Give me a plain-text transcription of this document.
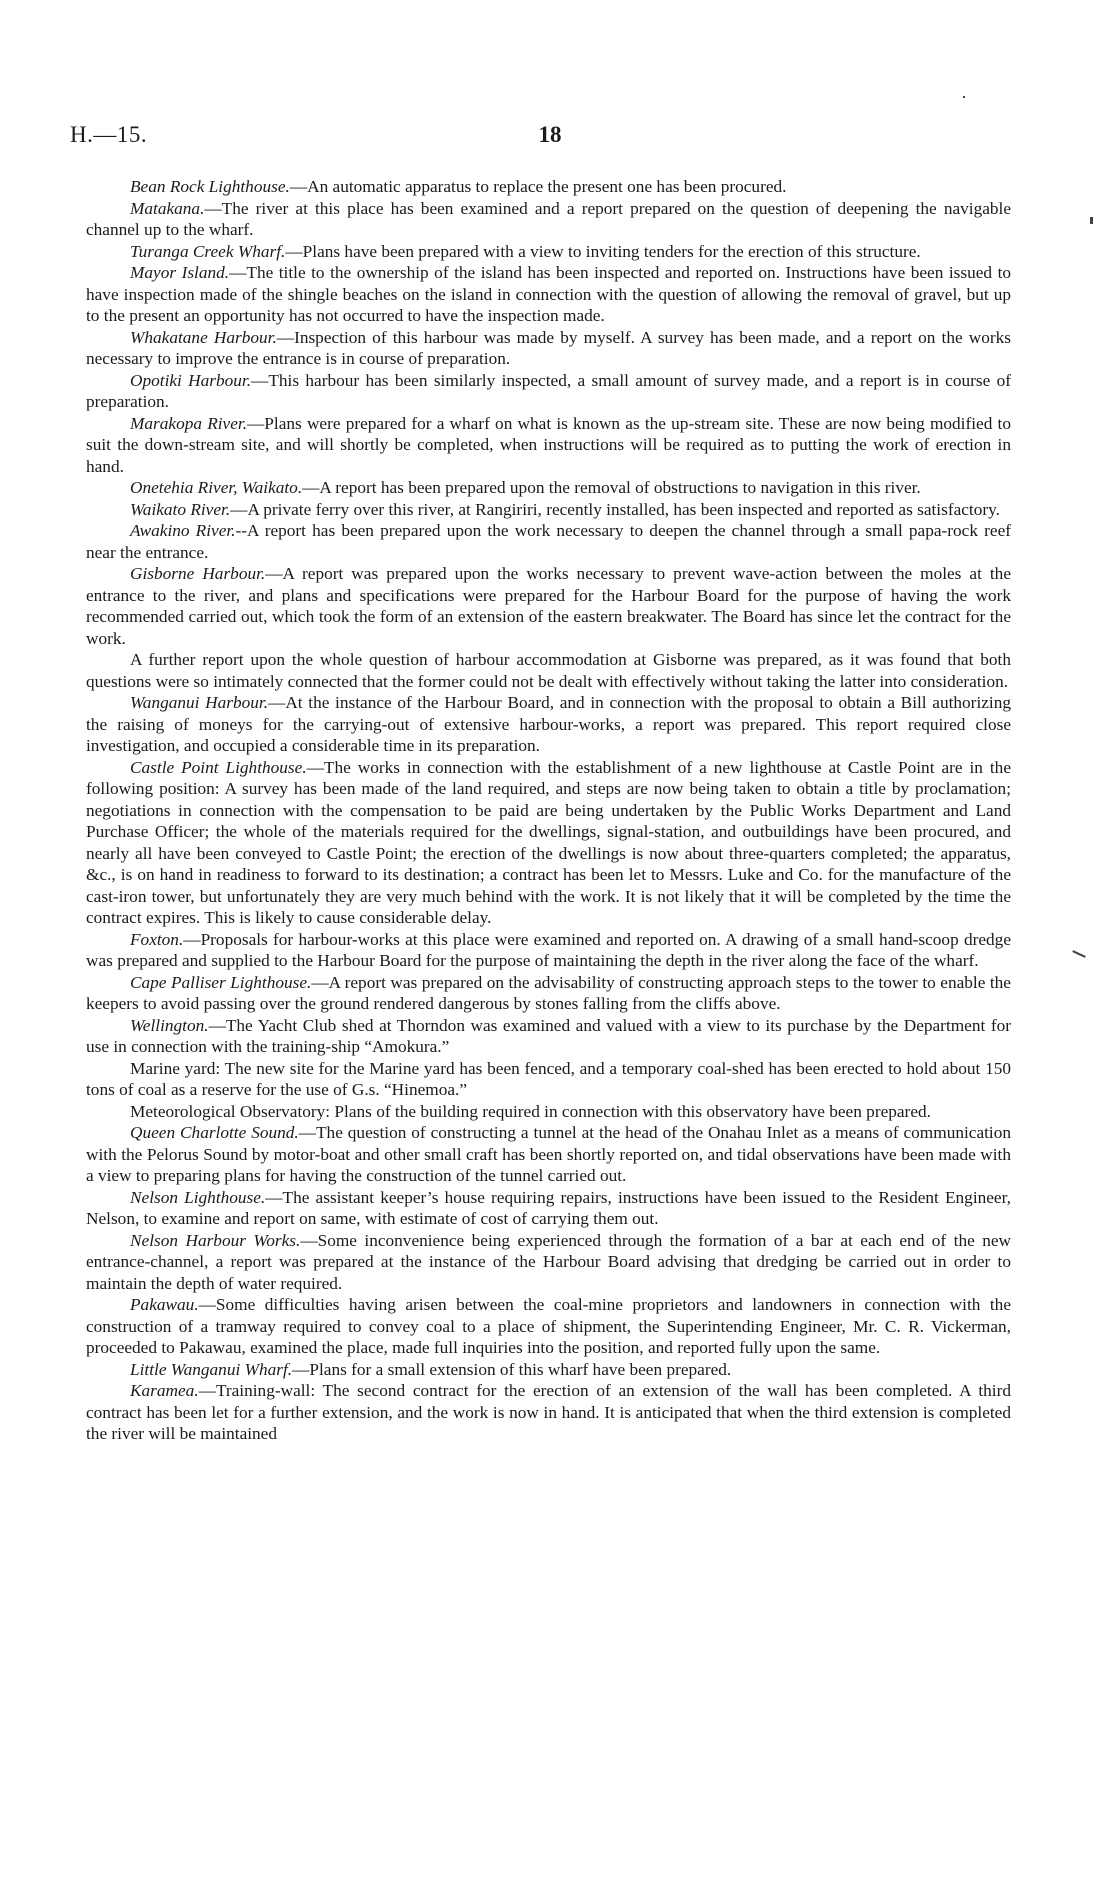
H.—15.	18

Bean Rock Lighthouse.—An automatic apparatus to replace the present one has been procured.

Matakana.—The river at this place has been examined and a report prepared on the question of deepening the navigable channel up to the wharf.

Turanga Creek Wharf.—Plans have been prepared with a view to inviting tenders for the erection of this structure.

Mayor Island.—The title to the ownership of the island has been inspected and reported on. Instructions have been issued to have inspection made of the shingle beaches on the island in connection with the question of allowing the removal of gravel, but up to the present an opportunity has not occurred to have the inspection made.

Whakatane Harbour.—Inspection of this harbour was made by myself. A survey has been made, and a report on the works necessary to improve the entrance is in course of preparation.

Opotiki Harbour.—This harbour has been similarly inspected, a small amount of survey made, and a report is in course of preparation.

Marakopa River.—Plans were prepared for a wharf on what is known as the up-stream site. These are now being modified to suit the down-stream site, and will shortly be completed, when instructions will be required as to putting the work of erection in hand.

Onetehia River, Waikato.—A report has been prepared upon the removal of obstructions to navigation in this river.

Waikato River.—A private ferry over this river, at Rangiriri, recently installed, has been inspected and reported as satisfactory.

Awakino River.--A report has been prepared upon the work necessary to deepen the channel through a small papa-rock reef near the entrance.

Gisborne Harbour.—A report was prepared upon the works necessary to prevent wave-action between the moles at the entrance to the river, and plans and specifications were prepared for the Harbour Board for the purpose of having the work recommended carried out, which took the form of an extension of the eastern breakwater. The Board has since let the contract for the work.

A further report upon the whole question of harbour accommodation at Gisborne was prepared, as it was found that both questions were so intimately connected that the former could not be dealt with effectively without taking the latter into consideration.

Wanganui Harbour.—At the instance of the Harbour Board, and in connection with the proposal to obtain a Bill authorizing the raising of moneys for the carrying-out of extensive harbour-works, a report was prepared. This report required close investigation, and occupied a considerable time in its preparation.

Castle Point Lighthouse.—The works in connection with the establishment of a new lighthouse at Castle Point are in the following position: A survey has been made of the land required, and steps are now being taken to obtain a title by proclamation; negotiations in connection with the compensation to be paid are being undertaken by the Public Works Department and Land Purchase Officer; the whole of the materials required for the dwellings, signal-station, and outbuildings have been procured, and nearly all have been conveyed to Castle Point; the erection of the dwellings is now about three-quarters completed; the apparatus, &c., is on hand in readiness to forward to its destination; a contract has been let to Messrs. Luke and Co. for the manufacture of the cast-iron tower, but unfortunately they are very much behind with the work. It is not likely that it will be completed by the time the contract expires. This is likely to cause considerable delay.

Foxton.—Proposals for harbour-works at this place were examined and reported on. A drawing of a small hand-scoop dredge was prepared and supplied to the Harbour Board for the purpose of maintaining the depth in the river along the face of the wharf.

Cape Palliser Lighthouse.—A report was prepared on the advisability of constructing approach steps to the tower to enable the keepers to avoid passing over the ground rendered dangerous by stones falling from the cliffs above.

Wellington.—The Yacht Club shed at Thorndon was examined and valued with a view to its purchase by the Department for use in connection with the training-ship “Amokura.”

Marine yard: The new site for the Marine yard has been fenced, and a temporary coal-shed has been erected to hold about 150 tons of coal as a reserve for the use of G.s. “Hinemoa.”

Meteorological Observatory: Plans of the building required in connection with this observatory have been prepared.

Queen Charlotte Sound.—The question of constructing a tunnel at the head of the Onahau Inlet as a means of communication with the Pelorus Sound by motor-boat and other small craft has been shortly reported on, and tidal observations have been made with a view to preparing plans for having the construction of the tunnel carried out.

Nelson Lighthouse.—The assistant keeper’s house requiring repairs, instructions have been issued to the Resident Engineer, Nelson, to examine and report on same, with estimate of cost of carrying them out.

Nelson Harbour Works.—Some inconvenience being experienced through the formation of a bar at each end of the new entrance-channel, a report was prepared at the instance of the Harbour Board advising that dredging be carried out in order to maintain the depth of water required.

Pakawau.—Some difficulties having arisen between the coal-mine proprietors and landowners in connection with the construction of a tramway required to convey coal to a place of shipment, the Superintending Engineer, Mr. C. R. Vickerman, proceeded to Pakawau, examined the place, made full inquiries into the position, and reported fully upon the same.

Little Wanganui Wharf.—Plans for a small extension of this wharf have been prepared.

Karamea.—Training-wall: The second contract for the erection of an extension of the wall has been completed. A third contract has been let for a further extension, and the work is now in hand. It is anticipated that when the third extension is completed the river will be maintained
